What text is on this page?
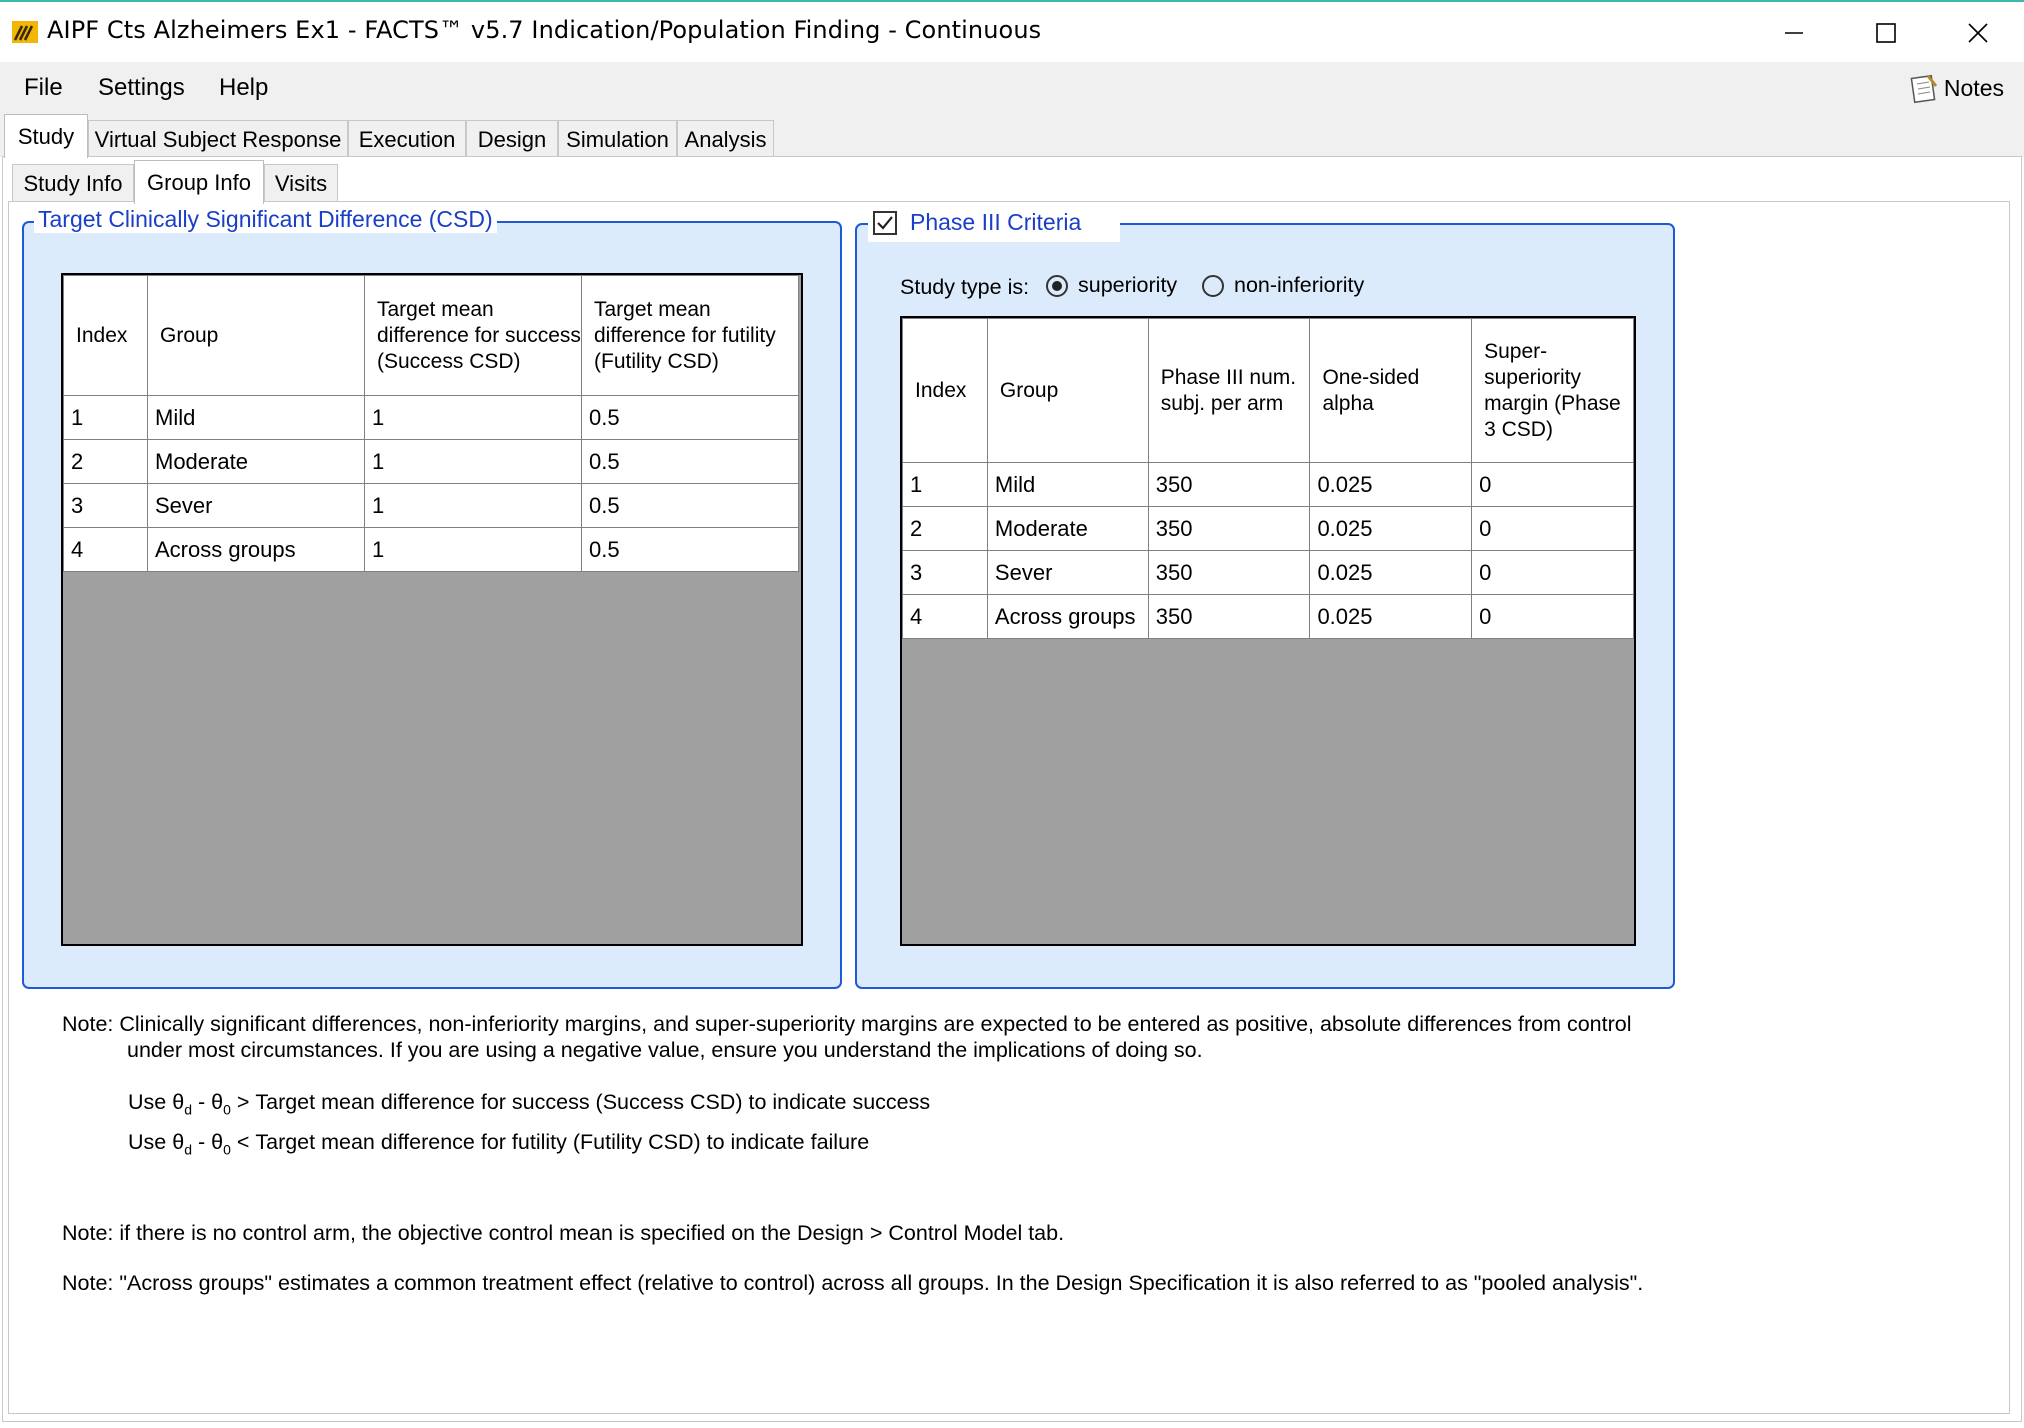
AIPF Cts Alzheimers Ex1 - FACTS™ v5.7 Indication/Population Finding - Continuous
File Settings Help	Notes
Study Virtual Subject Response Execution	Design Simulation Analysis
Study Info	Group Info	Visits
Target Clinically Significant Difference (CSD)
Index	Group	Target mean difference for success (Success CSD)	Target mean difference for futility (Futility CSD)
1	Mild	1	0.5
2	Moderate	1	0.5
3	Sever	1	0.5
4	Across groups	1	0.5
Phase III Criteria
Study type is: superiority	non-inferiority
Index	Group	Phase III num. subj. per arm	One-sided alpha	Super-superiority margin (Phase 3 CSD)
1	Mild	350	0.025	0
2	Moderate	350	0.025	0
3	Sever	350	0.025	0
4	Across groups	350	0.025	0
Note: Clinically significant differences, non-inferiority margins, and super-superiority margins are expected to be entered as positive, absolute differences from control
under most circumstances. If you are using a negative value, ensure you understand the implications of doing so.
Use $\theta_d - \theta_0$ > Target mean difference for success (Success CSD) to indicate success
Use $\theta_d - \theta_0$ < Target mean difference for futility (Futility CSD) to indicate failure
Note: if there is no control arm, the objective control mean is specified on the Design > Control Model tab.
Note: "Across groups" estimates a common treatment effect (relative to control) across all groups. In the Design Specification it is also referred to as "pooled analysis".
